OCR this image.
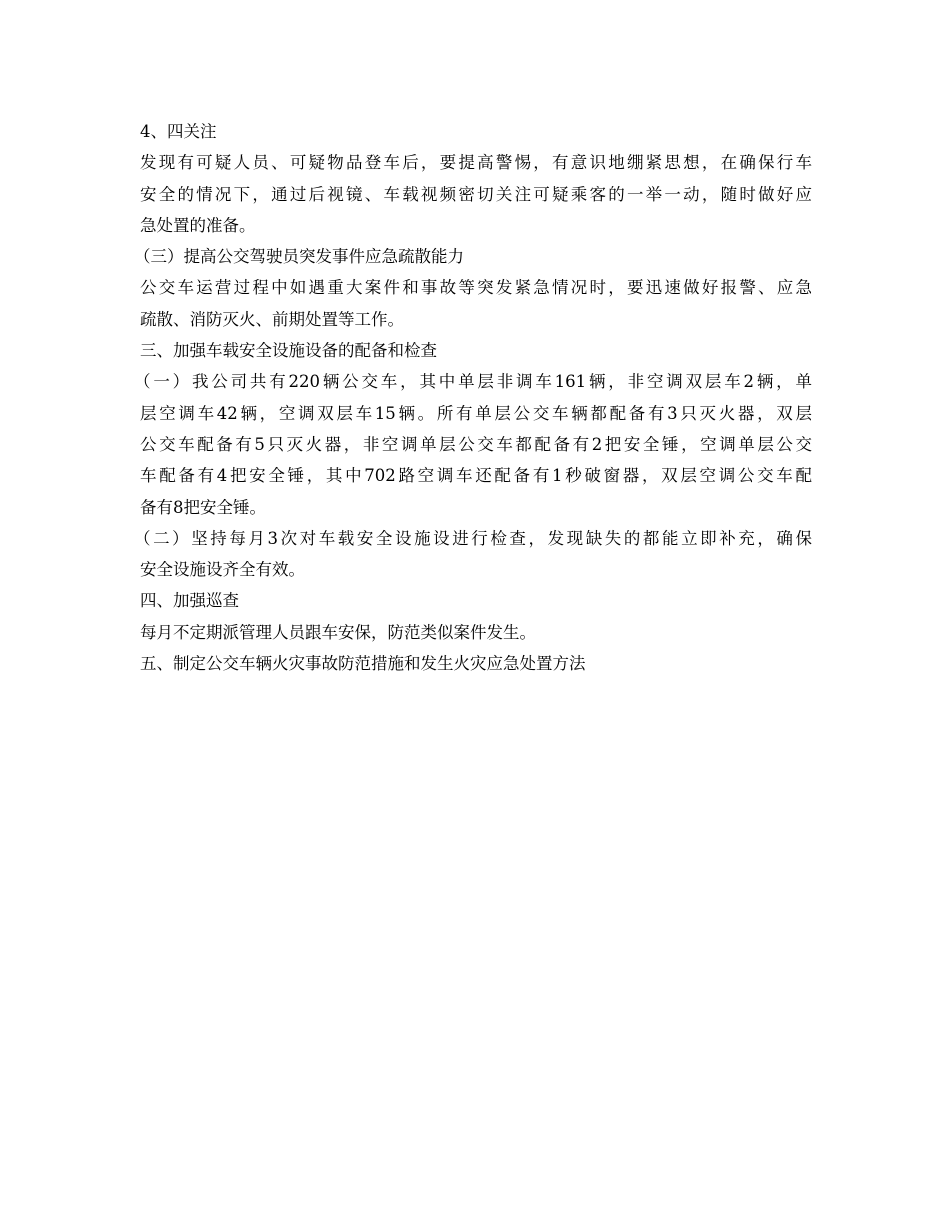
4、四关注
发现有可疑人员、可疑物品登车后，要提高警惕，有意识地绷紧思想，在确保行车
安全的情况下，通过后视镜、车载视频密切关注可疑乘客的一举一动，随时做好应
急处置的准备。
（三）提高公交驾驶员突发事件应急疏散能力
公交车运营过程中如遇重大案件和事故等突发紧急情况时，要迅速做好报警、应急
疏散、消防灭火、前期处置等工作。
三、加强车载安全设施设备的配备和检查
（一）我公司共有220辆公交车，其中单层非调车161辆，非空调双层车2辆，单
层空调车42辆，空调双层车15辆。所有单层公交车辆都配备有3只灭火器，双层
公交车配备有5只灭火器，非空调单层公交车都配备有2把安全锤，空调单层公交
车配备有4把安全锤，其中702路空调车还配备有1秒破窗器，双层空调公交车配
备有8把安全锤。
（二）坚持每月3次对车载安全设施设进行检查，发现缺失的都能立即补充，确保
安全设施设齐全有效。
四、加强巡查
每月不定期派管理人员跟车安保，防范类似案件发生。
五、制定公交车辆火灾事故防范措施和发生火灾应急处置方法
